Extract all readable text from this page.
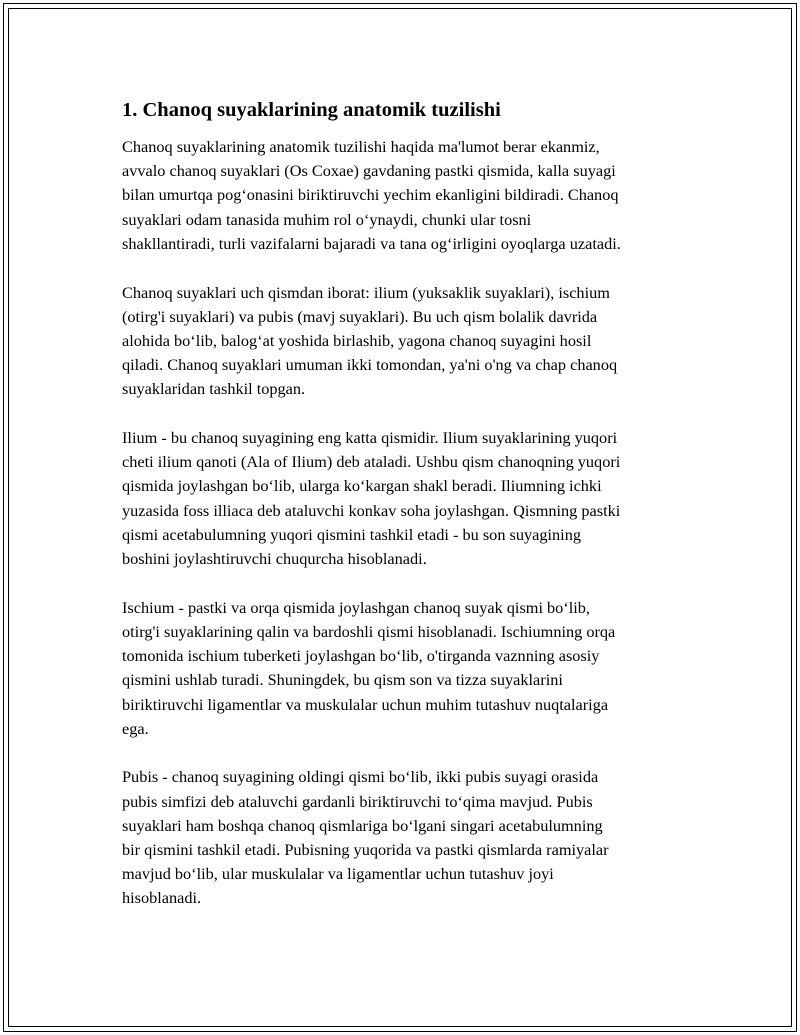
1. Chanoq suyaklarining anatomik tuzilishi

Chanoq suyaklarining anatomik tuzilishi haqida ma'lumot berar ekanmiz,
avvalo chanoq suyaklari (Os Coxae) gavdaning pastki qismida, kalla suyagi
bilan umurtqa pog‘onasini biriktiruvchi yechim ekanligini bildiradi. Chanoq
suyaklari odam tanasida muhim rol o‘ynaydi, chunki ular tosni
shakllantiradi, turli vazifalarni bajaradi va tana og‘irligini oyoqlarga uzatadi.

Chanoq suyaklari uch qismdan iborat: ilium (yuksaklik suyaklari), ischium
(otirg'i suyaklari) va pubis (mavj suyaklari). Bu uch qism bolalik davrida
alohida bo‘lib, balog‘at yoshida birlashib, yagona chanoq suyagini hosil
qiladi. Chanoq suyaklari umuman ikki tomondan, ya'ni o'ng va chap chanoq
suyaklaridan tashkil topgan.

Ilium - bu chanoq suyagining eng katta qismidir. Ilium suyaklarining yuqori
cheti ilium qanoti (Ala of Ilium) deb ataladi. Ushbu qism chanoqning yuqori
qismida joylashgan bo‘lib, ularga ko‘kargan shakl beradi. Iliumning ichki
yuzasida foss illiaca deb ataluvchi konkav soha joylashgan. Qismning pastki
qismi acetabulumning yuqori qismini tashkil etadi - bu son suyagining
boshini joylashtiruvchi chuqurcha hisoblanadi.

Ischium - pastki va orqa qismida joylashgan chanoq suyak qismi bo‘lib,
otirg'i suyaklarining qalin va bardoshli qismi hisoblanadi. Ischiumning orqa
tomonida ischium tuberketi joylashgan bo‘lib, o'tirganda vaznning asosiy
qismini ushlab turadi. Shuningdek, bu qism son va tizza suyaklarini
biriktiruvchi ligamentlar va muskulalar uchun muhim tutashuv nuqtalariga
ega.

Pubis - chanoq suyagining oldingi qismi bo‘lib, ikki pubis suyagi orasida
pubis simfizi deb ataluvchi gardanli biriktiruvchi to‘qima mavjud. Pubis
suyaklari ham boshqa chanoq qismlariga bo‘lgani singari acetabulumning
bir qismini tashkil etadi. Pubisning yuqorida va pastki qismlarda ramiyalar
mavjud bo‘lib, ular muskulalar va ligamentlar uchun tutashuv joyi
hisoblanadi.
